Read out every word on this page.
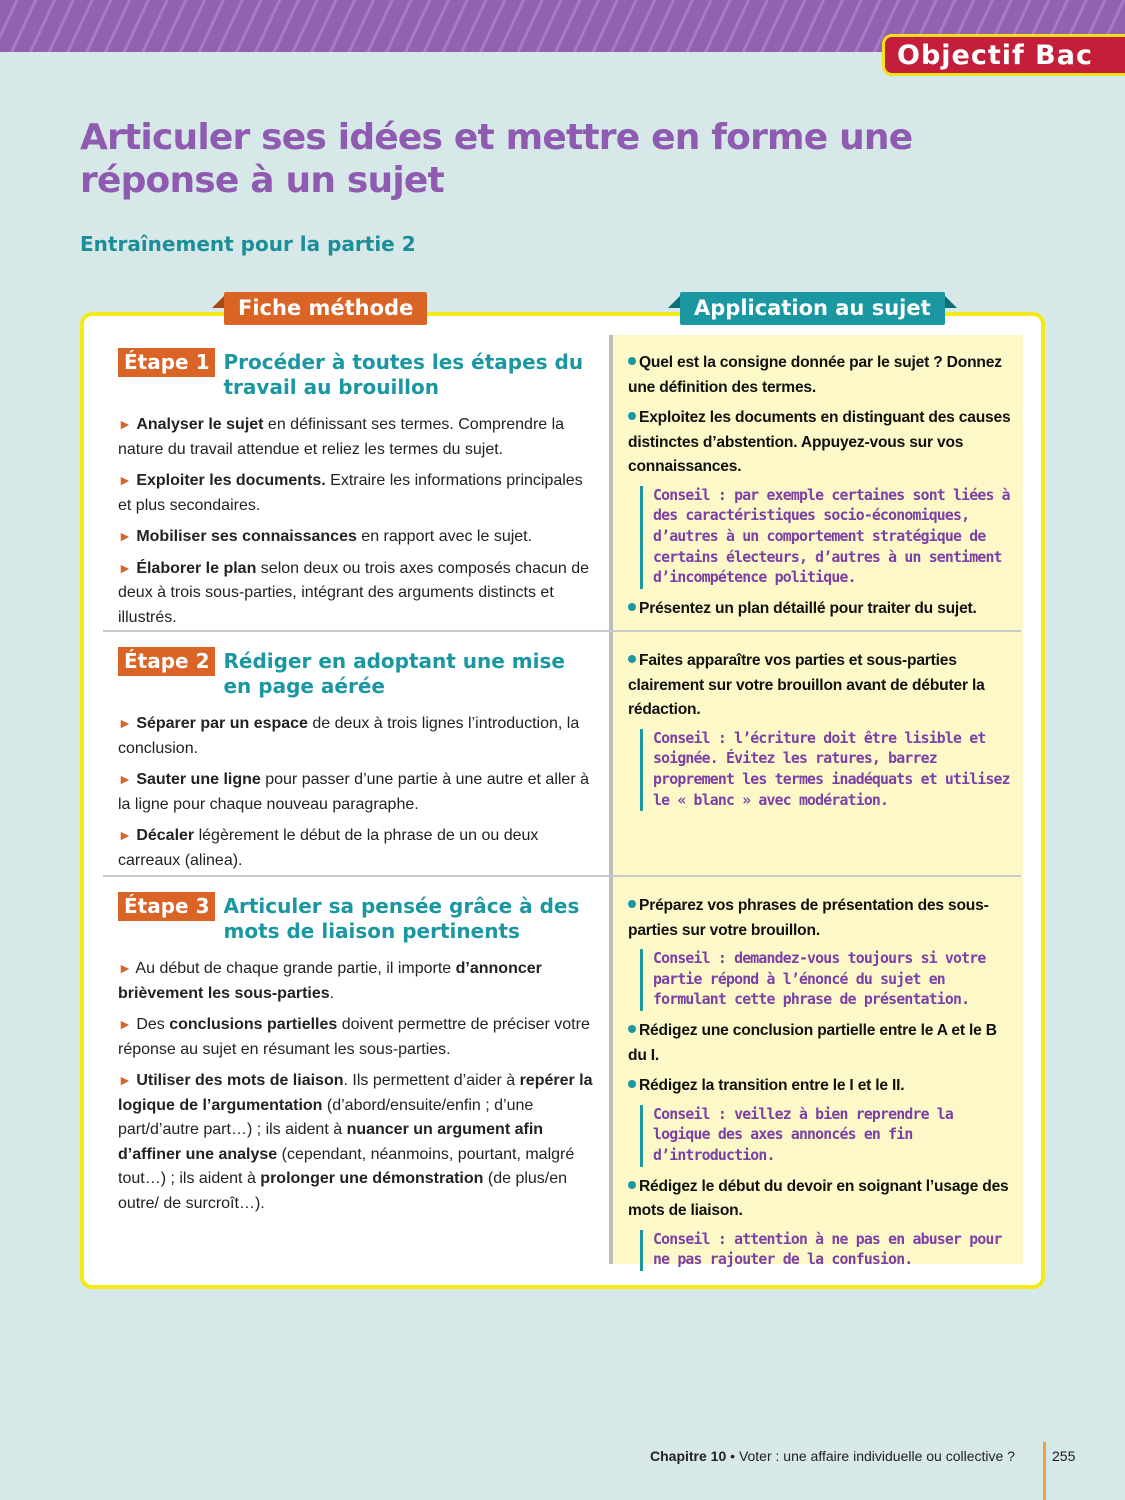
Objectif Bac
Articuler ses idées et mettre en forme une réponse à un sujet
Entraînement pour la partie 2
Fiche méthode	Application au sujet
Étape 1 Procéder à toutes les étapes du travail au brouillon

► Analyser le sujet en définissant ses termes. Comprendre la nature du travail attendue et reliez les termes du sujet.

► Exploiter les documents. Extraire les informations principales et plus secondaires.

► Mobiliser ses connaissances en rapport avec le sujet.

► Élaborer le plan selon deux ou trois axes composés chacun de deux à trois sous-parties, intégrant des arguments distincts et illustrés.

Étape 2 Rédiger en adoptant une mise en page aérée

► Séparer par un espace de deux à trois lignes l’introduction, la conclusion.

► Sauter une ligne pour passer d’une partie à une autre et aller à la ligne pour chaque nouveau paragraphe.

► Décaler légèrement le début de la phrase de un ou deux carreaux (alinea).

Étape 3 Articuler sa pensée grâce à des mots de liaison pertinents

► Au début de chaque grande partie, il importe d’annoncer brièvement les sous-parties.

► Des conclusions partielles doivent permettre de préciser votre réponse au sujet en résumant les sous-parties.

► Utiliser des mots de liaison. Ils permettent d’aider à repérer la logique de l’argumentation (d’abord/ensuite/enfin ; d’une part/d’autre part…) ; ils aident à nuancer un argument afin d’affiner une analyse (cependant, néanmoins, pourtant, malgré tout…) ; ils aident à prolonger une démonstration (de plus/en outre/ de surcroît…).

Quel est la consigne donnée par le sujet ? Donnez une définition des termes.

Exploitez les documents en distinguant des causes distinctes d’abstention. Appuyez-vous sur vos connaissances.

Conseil : par exemple certaines sont liées à des caractéristiques socio-économiques, d’autres à un comportement stratégique de certains électeurs, d’autres à un sentiment d’incompétence politique.

Présentez un plan détaillé pour traiter du sujet.

Faites apparaître vos parties et sous-parties clairement sur votre brouillon avant de débuter la rédaction.

Conseil : l’écriture doit être lisible et soignée. Évitez les ratures, barrez proprement les termes inadéquats et utilisez le « blanc » avec modération.

Préparez vos phrases de présentation des sous-parties sur votre brouillon.

Conseil : demandez-vous toujours si votre partie répond à l’énoncé du sujet en formulant cette phrase de présentation.

Rédigez une conclusion partielle entre le A et le B du I.

Rédigez la transition entre le I et le II.

Conseil : veillez à bien reprendre la logique des axes annoncés en fin d’introduction.

Rédigez le début du devoir en soignant l’usage des mots de liaison.

Conseil : attention à ne pas en abuser pour ne pas rajouter de la confusion.

Chapitre 10 • Voter : une affaire individuelle ou collective ?	255
